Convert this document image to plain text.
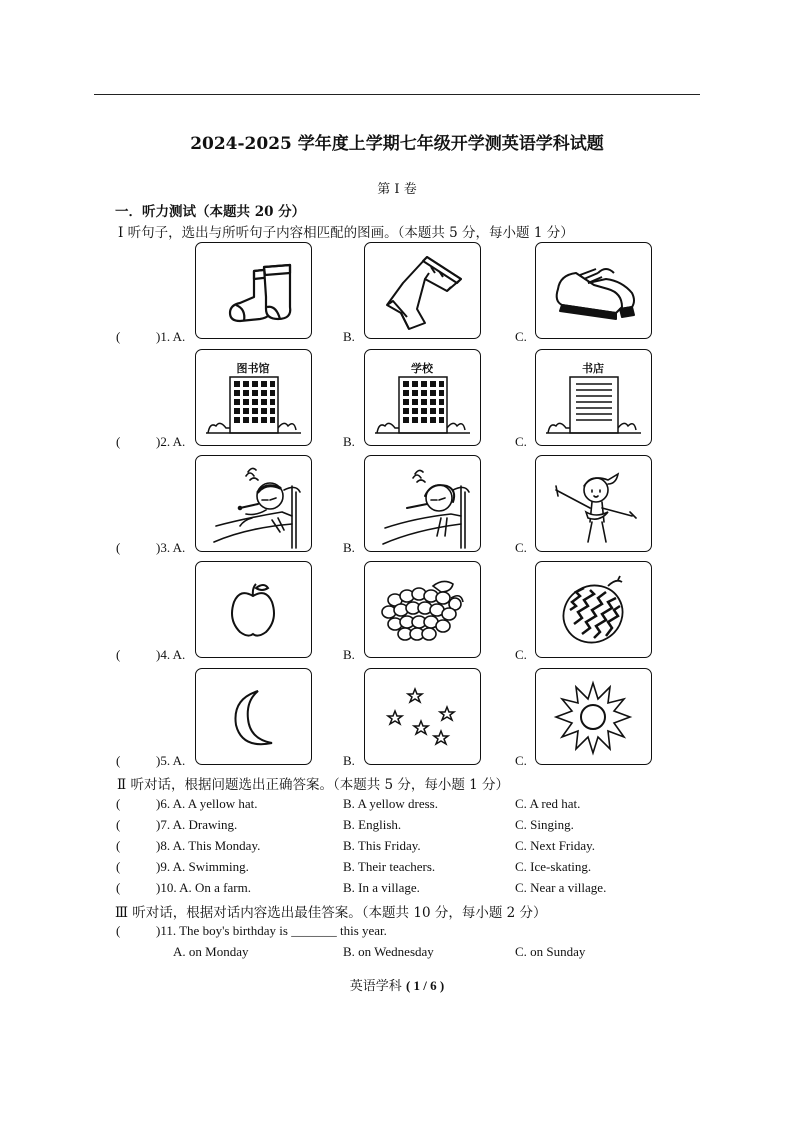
2024-2025 学年度上学期七年级开学测英语学科试题
第 I 卷
一．听力测试（本题共 20 分）
Ⅰ 听句子，选出与所听句子内容相匹配的图画。（本题共 5 分，每小题 1 分）
(	)1. A.	B.	C.
图书馆	学校	书店
(	)2. A.	B.	C.
(	)3. A.	B.	C.
(	)4. A.	B.	C.
(	)5. A.	B.	C.
Ⅱ 听对话，根据问题选出正确答案。（本题共 5 分，每小题 1 分）
(	)6. A. A yellow hat.	B. A yellow dress.	C. A red hat.
(	)7. A. Drawing.	B. English.	C. Singing.
(	)8. A. This Monday.	B. This Friday.	C. Next Friday.
(	)9. A. Swimming.	B. Their teachers.	C. Ice-skating.
(	)10. A. On a farm.	B. In a village.	C. Near a village.
Ⅲ 听对话，根据对话内容选出最佳答案。（本题共 10 分，每小题 2 分）
(	)11. The boy's birthday is _______ this year.
A. on Monday	B. on Wednesday	C. on Sunday
英语学科 ( 1 / 6 )
